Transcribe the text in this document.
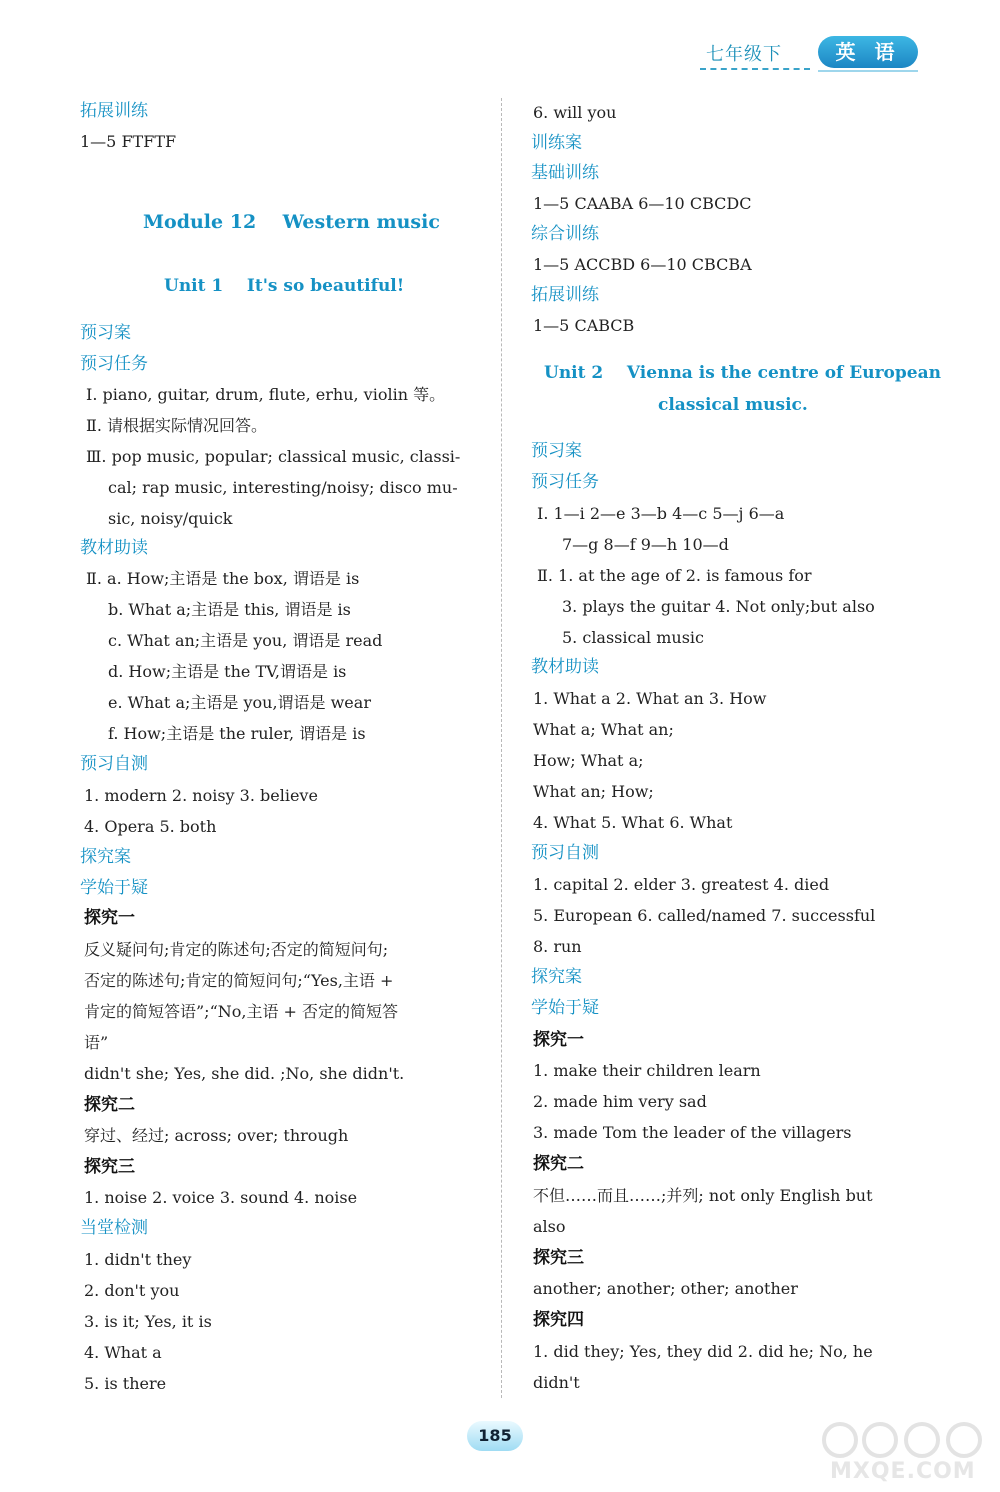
七年级下	英 语
拓展训练
1—5 FTFTF
Module 12    Western music
Unit 1    It's so beautiful!
预习案
预习任务
Ⅰ. piano, guitar, drum, flute, erhu, violin 等。
Ⅱ. 请根据实际情况回答。
Ⅲ. pop music, popular; classical music, classi-
cal; rap music, interesting/noisy; disco mu-
sic, noisy/quick
教材助读
Ⅱ. a. How;主语是 the box, 谓语是 is
b. What a;主语是 this, 谓语是 is
c. What an;主语是 you, 谓语是 read
d. How;主语是 the TV,谓语是 is
e. What a;主语是 you,谓语是 wear
f. How;主语是 the ruler, 谓语是 is
预习自测
1. modern 2. noisy 3. believe
4. Opera 5. both
探究案
学始于疑
探究一
反义疑问句;肯定的陈述句;否定的简短问句;
否定的陈述句;肯定的简短问句;“Yes,主语 +
肯定的简短答语”;“No,主语 + 否定的简短答
语”
didn't she; Yes, she did. ;No, she didn't.
探究二
穿过、经过; across; over; through
探究三
1. noise 2. voice 3. sound 4. noise
当堂检测
1. didn't they
2. don't you
3. is it; Yes, it is
4. What a
5. is there
6. will you
训练案
基础训练
1—5 CAABA 6—10 CBCDC
综合训练
1—5 ACCBD 6—10 CBCBA
拓展训练
1—5 CABCB
Unit 2    Vienna is the centre of European
classical music.
预习案
预习任务
Ⅰ. 1—i 2—e 3—b 4—c 5—j 6—a
7—g 8—f 9—h 10—d
Ⅱ. 1. at the age of 2. is famous for
3. plays the guitar 4. Not only;but also
5. classical music
教材助读
1. What a 2. What an 3. How
What a; What an;
How; What a;
What an; How;
4. What 5. What 6. What
预习自测
1. capital 2. elder 3. greatest 4. died
5. European 6. called/named 7. successful
8. run
探究案
学始于疑
探究一
1. make their children learn
2. made him very sad
3. made Tom the leader of the villagers
探究二
不但……而且……;并列; not only English but
also
探究三
another; another; other; another
探究四
1. did they; Yes, they did 2. did he; No, he
didn't
185
MXQE.COM
